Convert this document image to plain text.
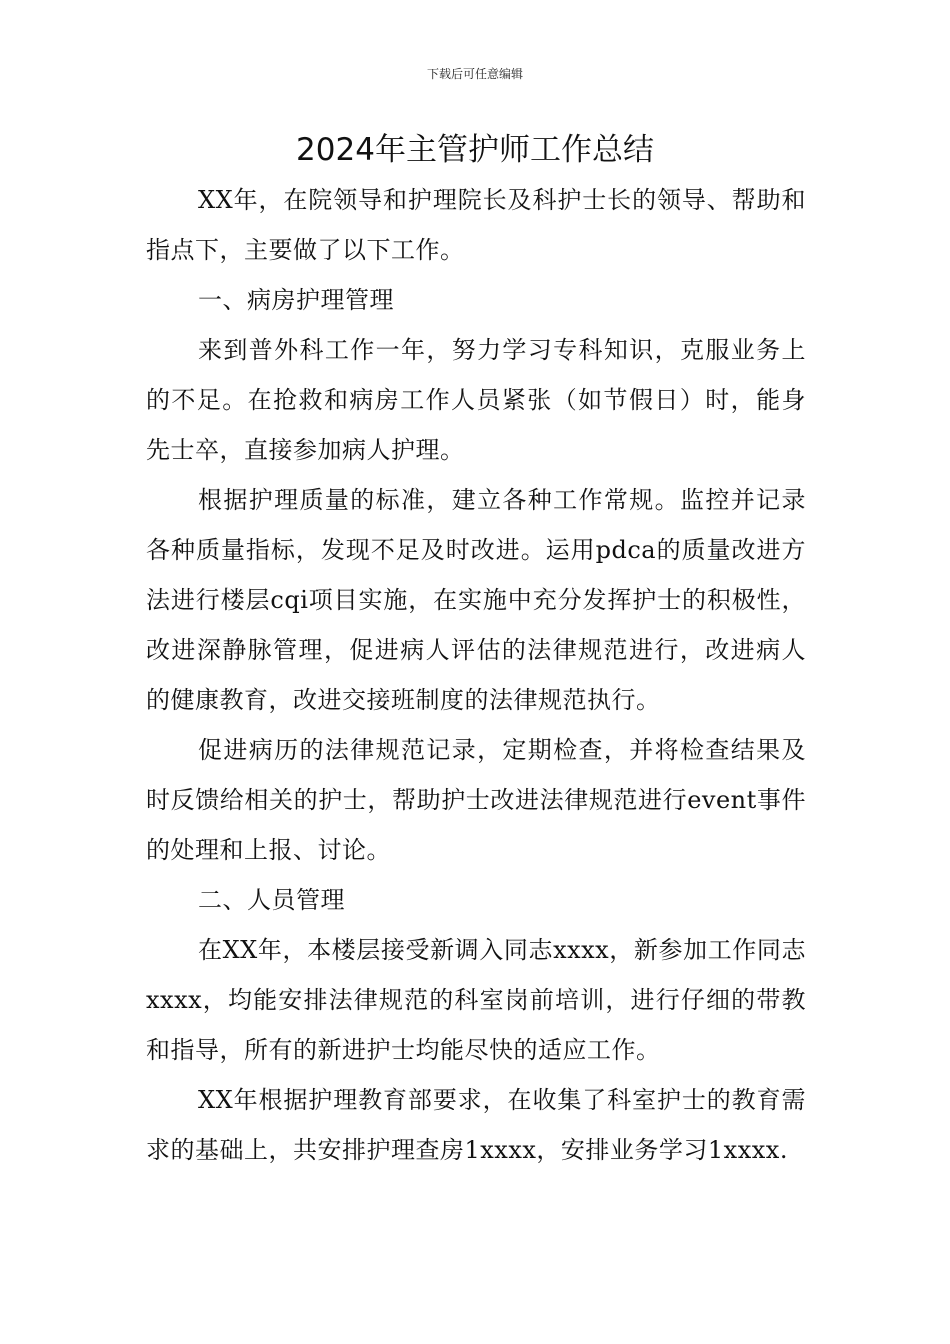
下载后可任意编辑
2024年主管护师工作总结

XX年，在院领导和护理院长及科护士长的领导、帮助和指点下，主要做了以下工作。

一、病房护理管理

来到普外科工作一年，努力学习专科知识，克服业务上的不足。在抢救和病房工作人员紧张（如节假日）时，能身先士卒，直接参加病人护理。

根据护理质量的标准，建立各种工作常规。监控并记录各种质量指标，发现不足及时改进。运用pdca的质量改进方法进行楼层cqi项目实施，在实施中充分发挥护士的积极性，改进深静脉管理，促进病人评估的法律规范进行，改进病人的健康教育，改进交接班制度的法律规范执行。

促进病历的法律规范记录，定期检查，并将检查结果及时反馈给相关的护士，帮助护士改进法律规范进行event事件的处理和上报、讨论。

二、人员管理

在XX年，本楼层接受新调入同志xxxx，新参加工作同志xxxx，均能安排法律规范的科室岗前培训，进行仔细的带教和指导，所有的新进护士均能尽快的适应工作。

XX年根据护理教育部要求，在收集了科室护士的教育需求的基础上，共安排护理查房1xxxx，安排业务学习1xxxx.
